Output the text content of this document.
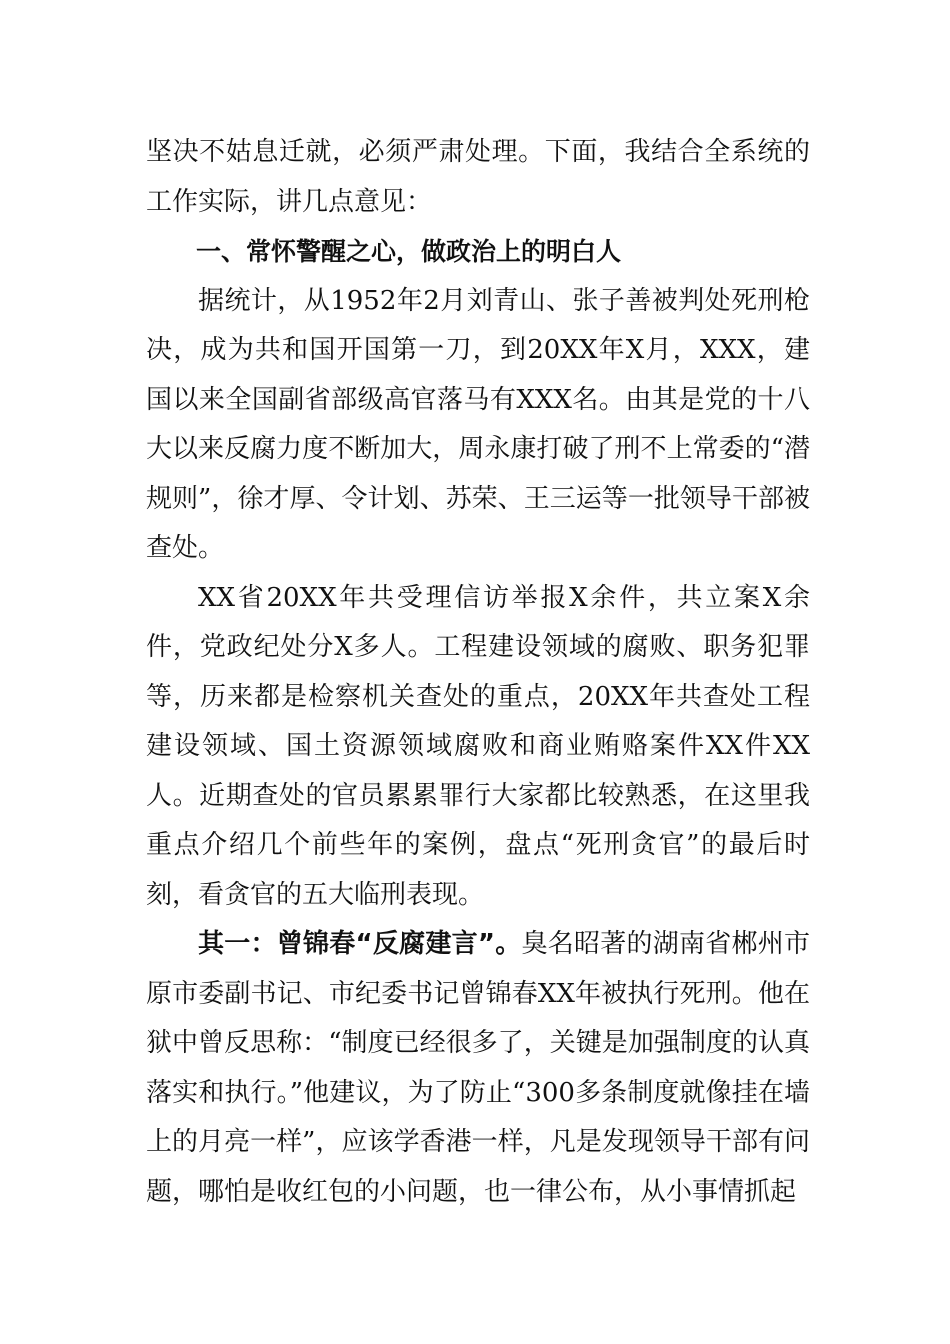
坚决不姑息迁就，必须严肃处理。下面，我结合全系统的工作实际，讲几点意见：

一、常怀警醒之心，做政治上的明白人

据统计，从1952年2月刘青山、张子善被判处死刑枪决，成为共和国开国第一刀，到20XX年X月，XXX，建国以来全国副省部级高官落马有XXX名。由其是党的十八大以来反腐力度不断加大，周永康打破了刑不上常委的“潜规则”，徐才厚、令计划、苏荣、王三运等一批领导干部被查处。

XX省20XX年共受理信访举报X余件，共立案X余件，党政纪处分X多人。工程建设领域的腐败、职务犯罪等，历来都是检察机关查处的重点，20XX年共查处工程建设领域、国土资源领域腐败和商业贿赂案件XX件XX人。近期查处的官员累累罪行大家都比较熟悉，在这里我重点介绍几个前些年的案例，盘点“死刑贪官”的最后时刻，看贪官的五大临刑表现。

其一：曾锦春“反腐建言”。臭名昭著的湖南省郴州市原市委副书记、市纪委书记曾锦春XX年被执行死刑。他在狱中曾反思称：“制度已经很多了，关键是加强制度的认真落实和执行。”他建议，为了防止“300多条制度就像挂在墙上的月亮一样”，应该学香港一样，凡是发现领导干部有问题，哪怕是收红包的小问题，也一律公布，从小事情抓起
